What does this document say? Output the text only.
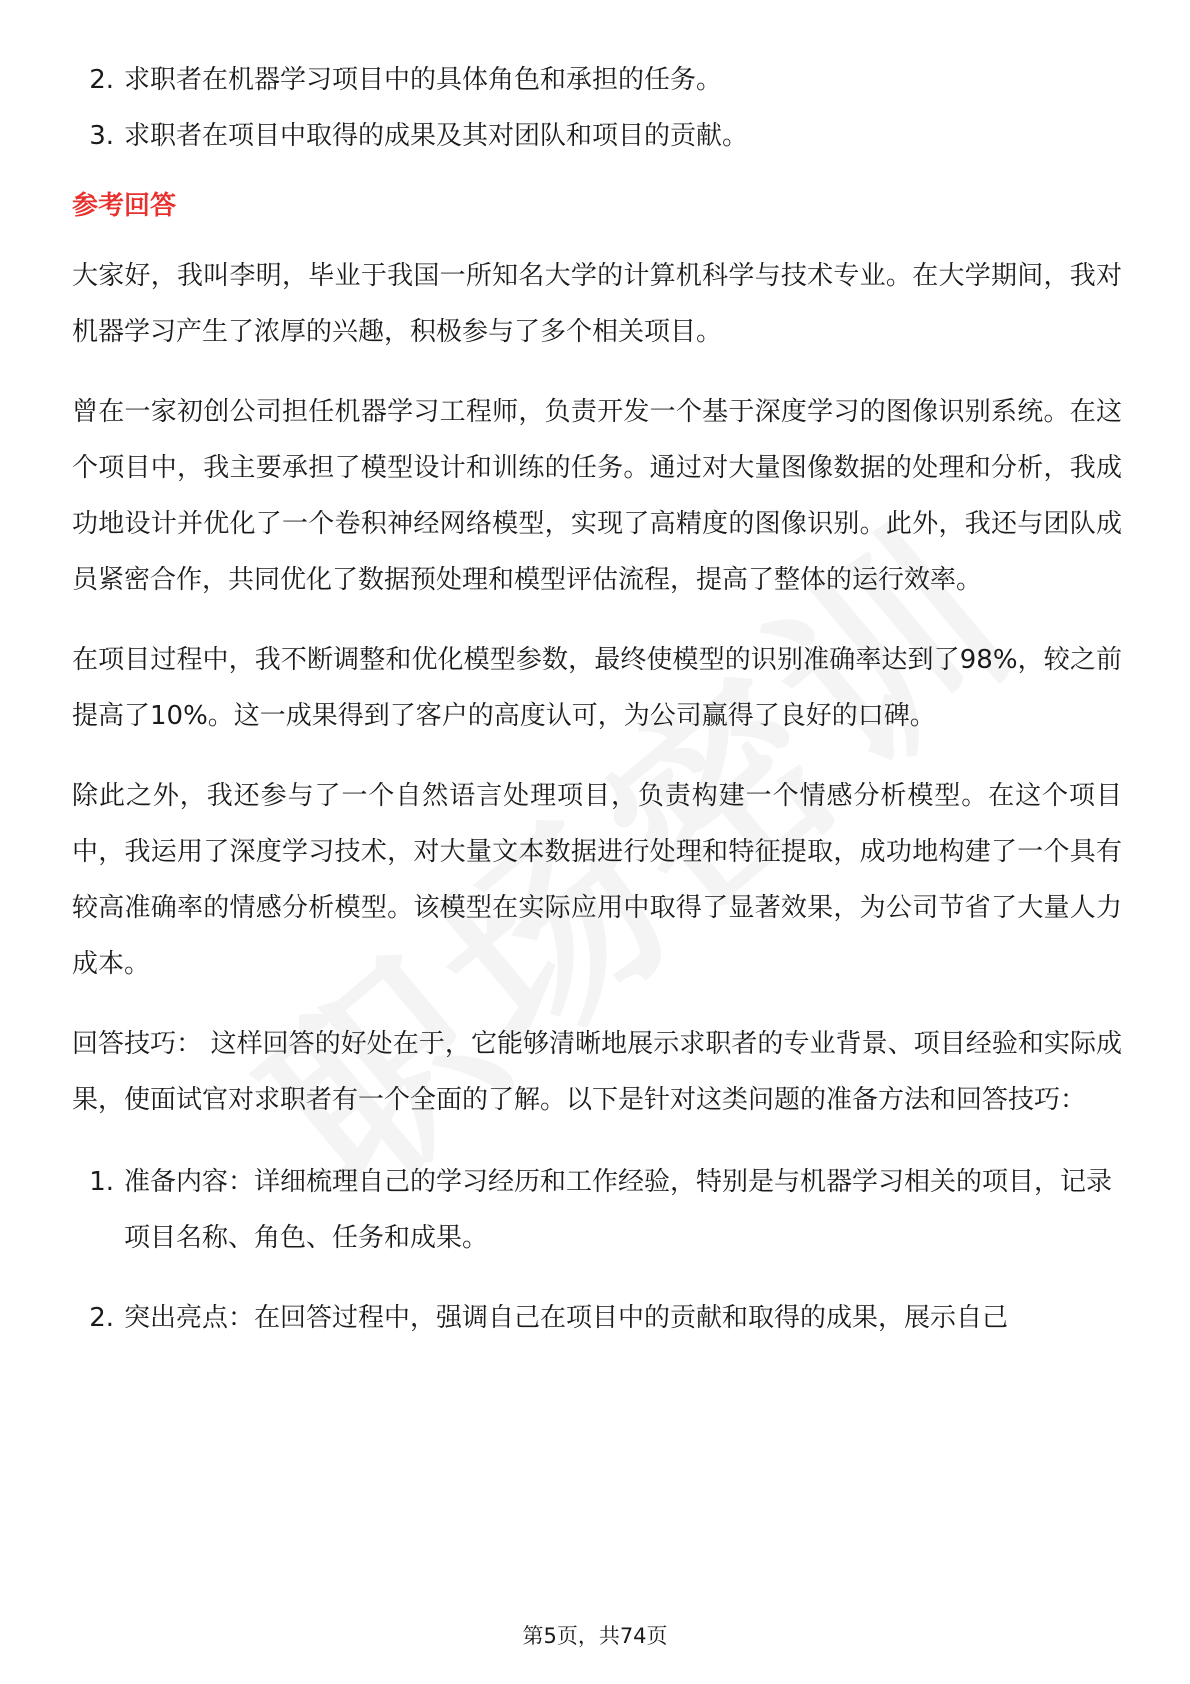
2. 求职者在机器学习项目中的具体角色和承担的任务。
3. 求职者在项目中取得的成果及其对团队和项目的贡献。
参考回答

大家好，我叫李明，毕业于我国一所知名大学的计算机科学与技术专业。在大学期间，我对机器学习产生了浓厚的兴趣，积极参与了多个相关项目。

曾在一家初创公司担任机器学习工程师，负责开发一个基于深度学习的图像识别系统。在这个项目中，我主要承担了模型设计和训练的任务。通过对大量图像数据的处理和分析，我成功地设计并优化了一个卷积神经网络模型，实现了高精度的图像识别。此外，我还与团队成员紧密合作，共同优化了数据预处理和模型评估流程，提高了整体的运行效率。

在项目过程中，我不断调整和优化模型参数，最终使模型的识别准确率达到了98%，较之前提高了10%。这一成果得到了客户的高度认可，为公司赢得了良好的口碑。

除此之外，我还参与了一个自然语言处理项目，负责构建一个情感分析模型。在这个项目中，我运用了深度学习技术，对大量文本数据进行处理和特征提取，成功地构建了一个具有较高准确率的情感分析模型。该模型在实际应用中取得了显著效果，为公司节省了大量人力成本。

回答技巧： 这样回答的好处在于，它能够清晰地展示求职者的专业背景、项目经验和实际成果，使面试官对求职者有一个全面的了解。以下是针对这类问题的准备方法和回答技巧：

1. 准备内容：详细梳理自己的学习经历和工作经验，特别是与机器学习相关的项目，记录项目名称、角色、任务和成果。
2. 突出亮点：在回答过程中，强调自己在项目中的贡献和取得的成果，展示自己
第5页，共74页
